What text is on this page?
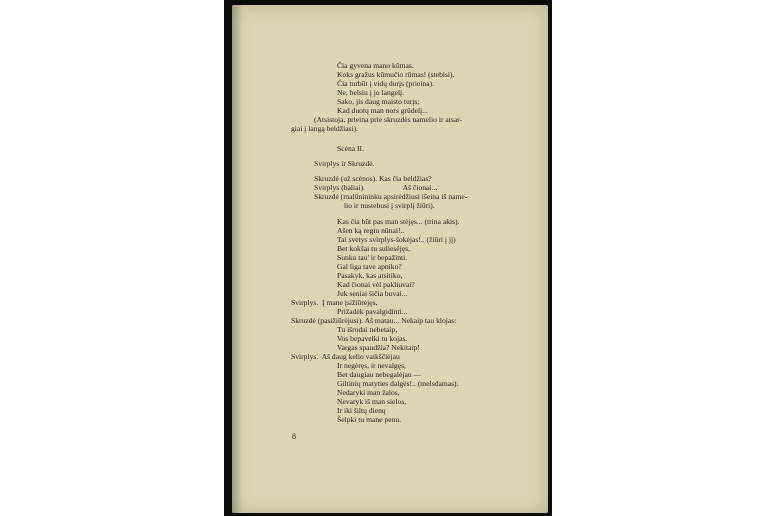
Čia gyvena mano kūmas.
Koks gražus kūmučio rūmas! (stebisi).
Čia turbūt į vidų durįs (prieina).
Ne, belsiu į jo langelį.
Sako, jis daug maisto turįs;
Kad duotų man nors grūdelį...
(Atsistoja, prieina prie skruzdės namelio ir atsar-
giai į langą beldžiasi).
Scėna II.
Svirplys ir Skruzdė.
Skruzdė (už scėnos). Kas čia beldžias?
Svirplys (baliai).                    Aš čionai...
Skruzdė (malūnininku apsirėdžiusi išeina iš name-
lio ir nustebusi į svirplį žiūri).
Kas čia būt pas man stėjęs... (trina akis).
Ašen ką regiu nūnai!..
Tai svetys svirplys-šokėjas!.. (žiūri į jį)
Bet kokšai tu sulieséjęs,
Sunku tau' ir bepažinti.
Gal liga tave apniko?
Pasakyk, kas atsitiko,
Kad čionai vėl pakliuvai?
Juk seniai šičia buvai...
Svirplys.  Į mane įsižiūrėjęs,
Prižadėk pavalgidinti...
Skruzdė (pasižiūrėjusi). Aš matau... Nekaip tau klojas:
Tu išrodai nebetaip,
Vos bepavelki tu kojas.
Vargas spaudžia? Nekitaip!
Svirplys.  Aš daug kelio vaikščiėjau
Ir negėręs, ir nevalgęs,
Bet daugiau nebegalėjau —
Giltinių matyties dalgės!.. (melsdamas).
Nedaryki man žalos,
Nevaryk iš man sielos,
Ir iki šiltų dienų
Šelpki tu mane penu.
8
